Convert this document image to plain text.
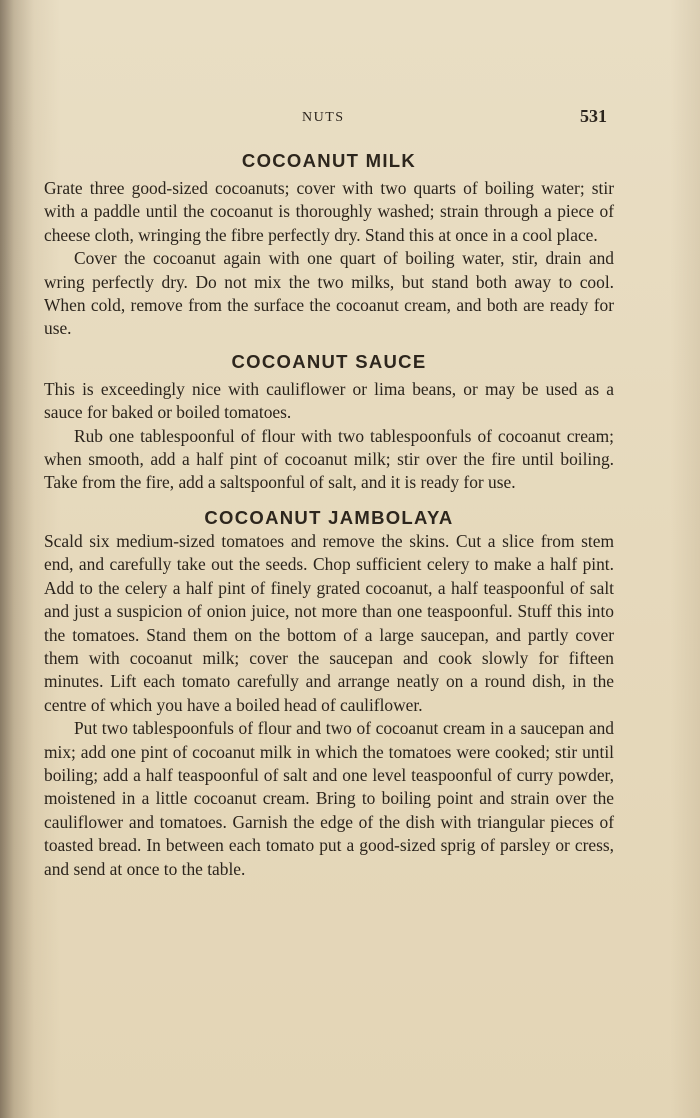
NUTS	531
COCOANUT MILK

Grate three good-sized cocoanuts; cover with two quarts of boiling water; stir with a paddle until the cocoanut is thoroughly washed; strain through a piece of cheese cloth, wringing the fibre perfectly dry. Stand this at once in a cool place.

Cover the cocoanut again with one quart of boiling water, stir, drain and wring perfectly dry. Do not mix the two milks, but stand both away to cool. When cold, remove from the surface the cocoanut cream, and both are ready for use.

COCOANUT SAUCE

This is exceedingly nice with cauliflower or lima beans, or may be used as a sauce for baked or boiled tomatoes.

Rub one tablespoonful of flour with two tablespoonfuls of cocoanut cream; when smooth, add a half pint of cocoanut milk; stir over the fire until boiling. Take from the fire, add a saltspoonful of salt, and it is ready for use.

COCOANUT JAMBOLAYA

Scald six medium-sized tomatoes and remove the skins. Cut a slice from stem end, and carefully take out the seeds. Chop sufficient celery to make a half pint. Add to the celery a half pint of finely grated cocoanut, a half teaspoonful of salt and just a suspicion of onion juice, not more than one teaspoonful. Stuff this into the tomatoes. Stand them on the bottom of a large saucepan, and partly cover them with cocoanut milk; cover the saucepan and cook slowly for fifteen minutes. Lift each tomato carefully and arrange neatly on a round dish, in the centre of which you have a boiled head of cauliflower.

Put two tablespoonfuls of flour and two of cocoanut cream in a saucepan and mix; add one pint of cocoanut milk in which the tomatoes were cooked; stir until boiling; add a half teaspoonful of salt and one level teaspoonful of curry powder, moistened in a little cocoanut cream. Bring to boiling point and strain over the cauliflower and tomatoes. Garnish the edge of the dish with triangular pieces of toasted bread. In between each tomato put a good-sized sprig of parsley or cress, and send at once to the table.
